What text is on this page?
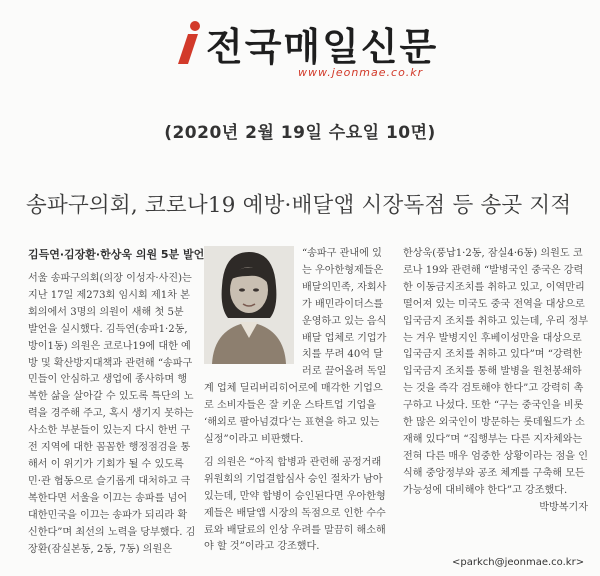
전국매일신문
www.jeonmae.co.kr
(2020년 2월 19일 수요일 10면)
송파구의회, 코로나19 예방·배달앱 시장독점 등 송곳 지적
김득연·김장환·한상욱 의원 5분 발언
서울 송파구의회(의장 이성자·사진)는 지난 17일 제273회 임시회 제1차 본회의에서 3명의 의원이 새해 첫 5분 발언을 실시했다. 김득연(송파1·2동, 방이1동) 의원은 코로나19에 대한 예방 및 확산방지대책과 관련해 “송파구민들이 안심하고 생업에 종사하며 행복한 삶을 살아갈 수 있도록 특단의 노력을 경주해 주고, 혹시 생기지 못하는 사소한 부분들이 있는지 다시 한번 구 전 지역에 대한 꼼꼼한 행정점검을 통해서 이 위기가 기회가 될 수 있도록 민·관 협동으로 슬기롭게 대처하고 극복한다면 서울을 이끄는 송파를 넘어 대한민국을 이끄는 송파가 되리라 확신한다”며 최선의 노력을 당부했다. 김장환(잠실본동, 2동, 7동) 의원은
“송파구 관내에 있는 우아한형제들은 배달의민족, 자회사가 배민라이더스를 운영하고 있는 음식 배달 업체로 기업가치를 무려 40억 달러로 끌어올려 독일계 업체 딜리버리히어로에 매각한 기업으로 소비자들은 잘 키운 스타트업 기업을 ‘해외로 팔아넘겼다’는 표현을 하고 있는 실정”이라고 비판했다.
김 의원은 “아직 합병과 관련해 공정거래위원회의 기업결합심사 승인 절차가 남아있는데, 만약 합병이 승인된다면 우아한형제들은 배달앱 시장의 독점으로 인한 수수료와 배달료의 인상 우려를 말끔히 해소해야 할 것”이라고 강조했다.
한상욱(풍납1·2동, 잠실4·6동) 의원도 코로나 19와 관련해 “발병국인 중국은 강력한 이동금지조치를 취하고 있고, 이역만리 떨어져 있는 미국도 중국 전역을 대상으로 입국금지 조치를 취하고 있는데, 우리 정부는 겨우 발병지인 후베이성만을 대상으로 입국금지 조치를 취하고 있다”며 “강력한 입국금지 조치를 통해 발병을 원천봉쇄하는 것을 즉각 검토해야 한다”고 강력히 촉구하고 나섰다. 또한 “구는 중국인을 비롯한 많은 외국인이 방문하는 롯데월드가 소재해 있다”며 “집행부는 다른 지자체와는 전혀 다른 매우 엄중한 상황이라는 점을 인식해 중앙정부와 공조 체계를 구축해 모든 가능성에 대비해야 한다”고 강조했다.
박방복기자
<parkch@jeonmae.co.kr>
